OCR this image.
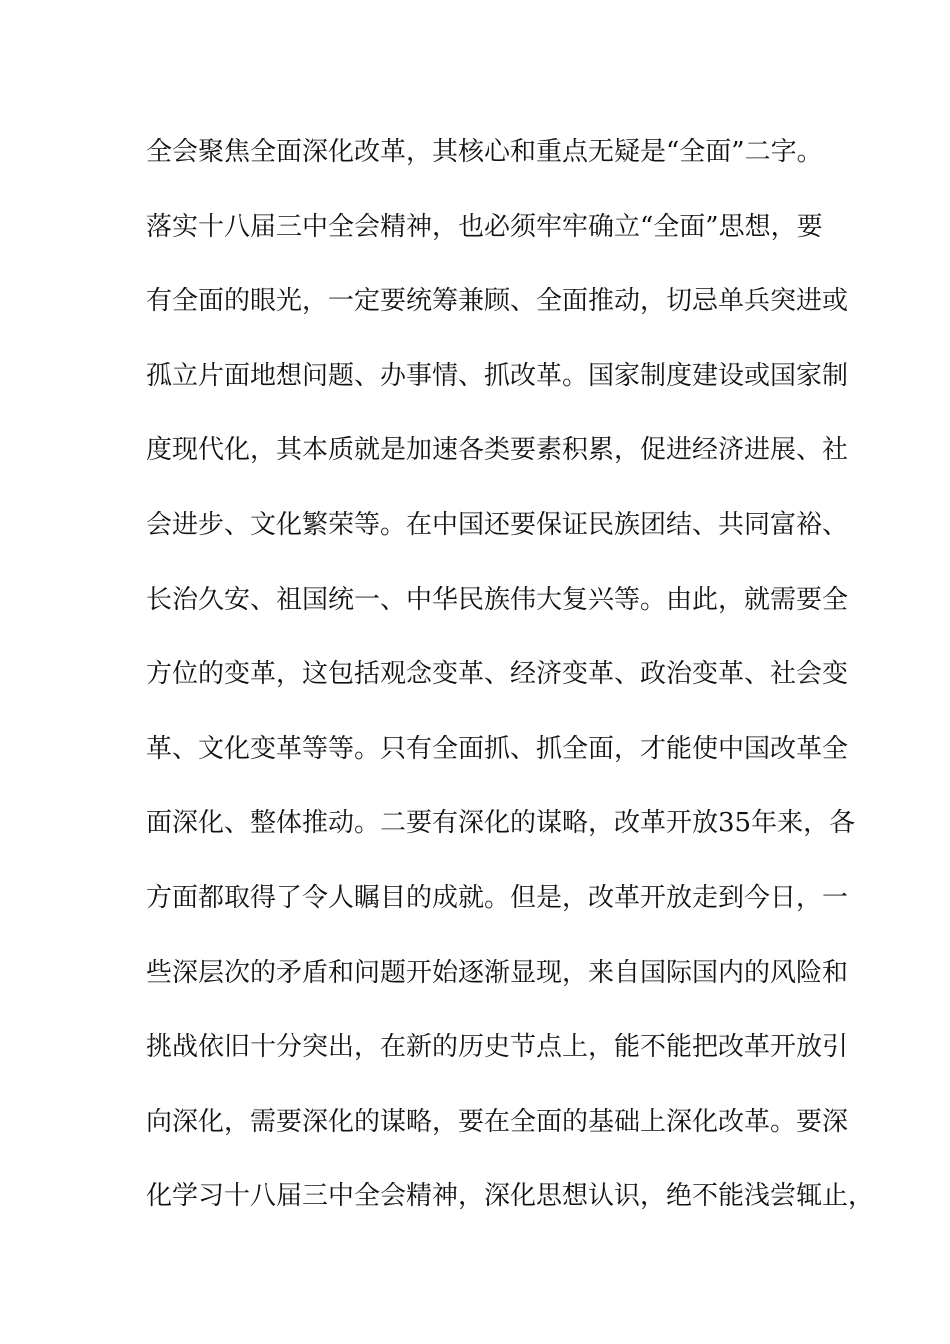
全会聚焦全面深化改革，其核心和重点无疑是“全面”二字。
落实十八届三中全会精神，也必须牢牢确立“全面”思想，要
有全面的眼光，一定要统筹兼顾、全面推动，切忌单兵突进或
孤立片面地想问题、办事情、抓改革。国家制度建设或国家制
度现代化，其本质就是加速各类要素积累，促进经济进展、社
会进步、文化繁荣等。在中国还要保证民族团结、共同富裕、
长治久安、祖国统一、中华民族伟大复兴等。由此，就需要全
方位的变革，这包括观念变革、经济变革、政治变革、社会变
革、文化变革等等。只有全面抓、抓全面，才能使中国改革全
面深化、整体推动。二要有深化的谋略，改革开放35年来，各
方面都取得了令人瞩目的成就。但是，改革开放走到今日，一
些深层次的矛盾和问题开始逐渐显现，来自国际国内的风险和
挑战依旧十分突出，在新的历史节点上，能不能把改革开放引
向深化，需要深化的谋略，要在全面的基础上深化改革。要深
化学习十八届三中全会精神，深化思想认识，绝不能浅尝辄止，
